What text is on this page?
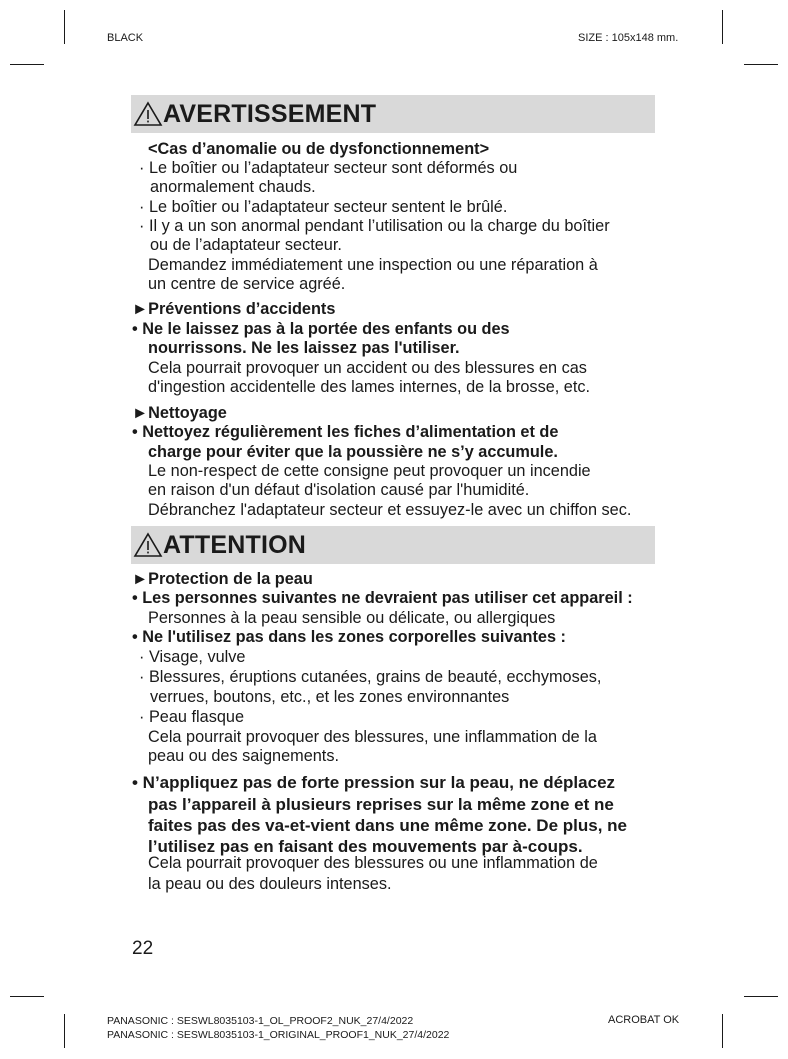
BLACK	SIZE : 105x148 mm.
AVERTISSEMENT
<Cas d’anomalie ou de dysfonctionnement>
· Le boîtier ou l’adaptateur secteur sont déformés ou
anormalement chauds.
· Le boîtier ou l’adaptateur secteur sentent le brûlé.
· Il y a un son anormal pendant l’utilisation ou la charge du boîtier
ou de l’adaptateur secteur.
Demandez immédiatement une inspection ou une réparation à
un centre de service agréé.
►Préventions d’accidents
• Ne le laissez pas à la portée des enfants ou des
nourrissons. Ne les laissez pas l'utiliser.
Cela pourrait provoquer un accident ou des blessures en cas
d'ingestion accidentelle des lames internes, de la brosse, etc.
►Nettoyage
• Nettoyez régulièrement les fiches d’alimentation et de
charge pour éviter que la poussière ne s’y accumule.
Le non-respect de cette consigne peut provoquer un incendie
en raison d'un défaut d'isolation causé par l'humidité.
Débranchez l'adaptateur secteur et essuyez-le avec un chiffon sec.
ATTENTION
►Protection de la peau
• Les personnes suivantes ne devraient pas utiliser cet appareil :
Personnes à la peau sensible ou délicate, ou allergiques
• Ne l'utilisez pas dans les zones corporelles suivantes :
· Visage, vulve
· Blessures, éruptions cutanées, grains de beauté, ecchymoses,
verrues, boutons, etc., et les zones environnantes
· Peau flasque
Cela pourrait provoquer des blessures, une inflammation de la
peau ou des saignements.
• N’appliquez pas de forte pression sur la peau, ne déplacez
pas l’appareil à plusieurs reprises sur la même zone et ne
faites pas des va-et-vient dans une même zone. De plus, ne
l’utilisez pas en faisant des mouvements par à-coups.
Cela pourrait provoquer des blessures ou une inflammation de
la peau ou des douleurs intenses.
22
PANASONIC : SESWL8035103-1_OL_PROOF2_NUK_27/4/2022
PANASONIC : SESWL8035103-1_ORIGINAL_PROOF1_NUK_27/4/2022
ACROBAT OK
